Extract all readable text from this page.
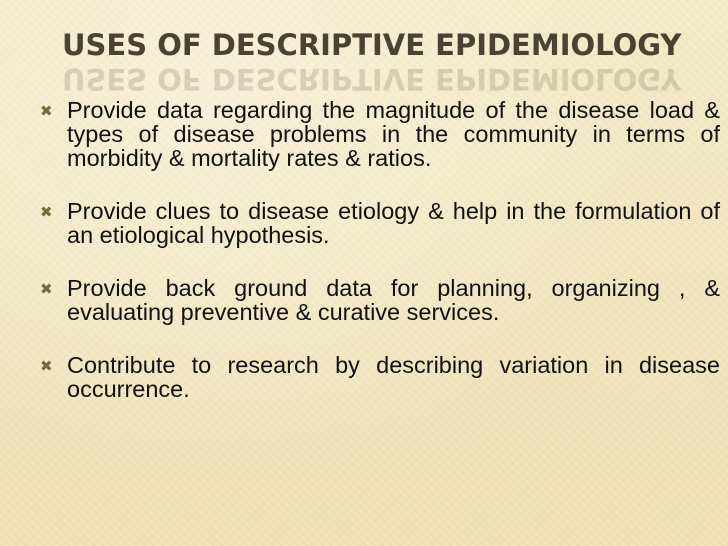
USES OF DESCRIPTIVE EPIDEMIOLOGY
USES OF DESCRIPTIVE EPIDEMIOLOGY
✖ Provide data regarding the magnitude of the disease load & types of disease problems in the community in terms of morbidity & mortality rates & ratios.
✖ Provide clues to disease etiology & help in the formulation of an etiological hypothesis.
✖ Provide back ground data for planning, organizing , & evaluating preventive & curative services.
✖ Contribute to research by describing variation in disease occurrence.
